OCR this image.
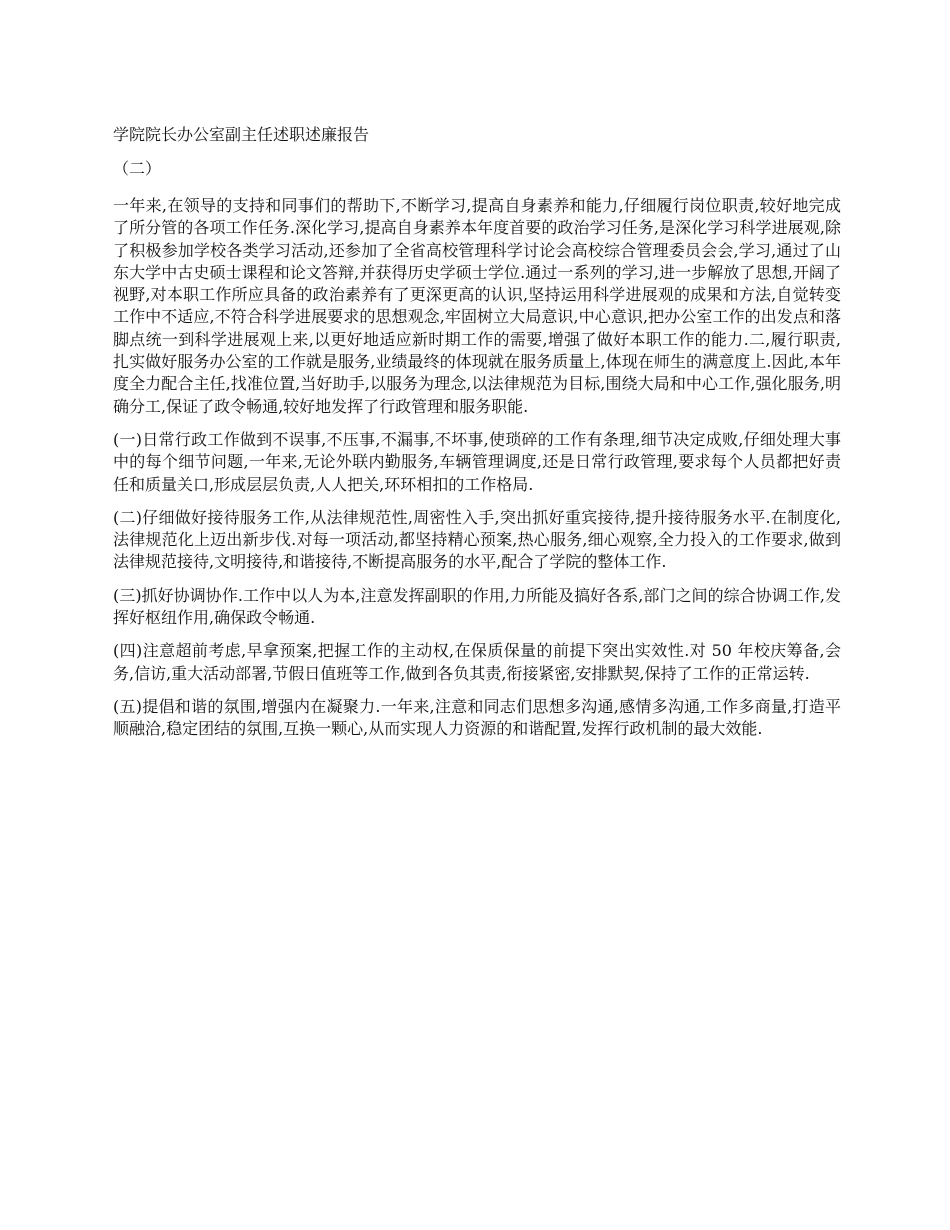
学院院长办公室副主任述职述廉报告
（二）

一年来,在领导的支持和同事们的帮助下,不断学习,提高自身素养和能力,仔细履行岗位职责,较好地完成了所分管的各项工作任务.深化学习,提高自身素养本年度首要的政治学习任务,是深化学习科学进展观,除了积极参加学校各类学习活动,还参加了全省高校管理科学讨论会高校综合管理委员会会,学习,通过了山东大学中古史硕士课程和论文答辩,并获得历史学硕士学位.通过一系列的学习,进一步解放了思想,开阔了视野,对本职工作所应具备的政治素养有了更深更高的认识,坚持运用科学进展观的成果和方法,自觉转变工作中不适应,不符合科学进展要求的思想观念,牢固树立大局意识,中心意识,把办公室工作的出发点和落脚点统一到科学进展观上来,以更好地适应新时期工作的需要,增强了做好本职工作的能力.二,履行职责,扎实做好服务办公室的工作就是服务,业绩最终的体现就在服务质量上,体现在师生的满意度上.因此,本年度全力配合主任,找准位置,当好助手,以服务为理念,以法律规范为目标,围绕大局和中心工作,强化服务,明确分工,保证了政令畅通,较好地发挥了行政管理和服务职能.

(一)日常行政工作做到不误事,不压事,不漏事,不坏事,使琐碎的工作有条理,细节决定成败,仔细处理大事中的每个细节问题,一年来,无论外联内勤服务,车辆管理调度,还是日常行政管理,要求每个人员都把好责任和质量关口,形成层层负责,人人把关,环环相扣的工作格局.

(二)仔细做好接待服务工作,从法律规范性,周密性入手,突出抓好重宾接待,提升接待服务水平.在制度化,法律规范化上迈出新步伐.对每一项活动,都坚持精心预案,热心服务,细心观察,全力投入的工作要求,做到法律规范接待,文明接待,和谐接待,不断提高服务的水平,配合了学院的整体工作.

(三)抓好协调协作.工作中以人为本,注意发挥副职的作用,力所能及搞好各系,部门之间的综合协调工作,发挥好枢纽作用,确保政令畅通.

(四)注意超前考虑,早拿预案,把握工作的主动权,在保质保量的前提下突出实效性.对 50 年校庆筹备,会务,信访,重大活动部署,节假日值班等工作,做到各负其责,衔接紧密,安排默契,保持了工作的正常运转.

(五)提倡和谐的氛围,增强内在凝聚力.一年来,注意和同志们思想多沟通,感情多沟通,工作多商量,打造平顺融洽,稳定团结的氛围,互换一颗心,从而实现人力资源的和谐配置,发挥行政机制的最大效能.
